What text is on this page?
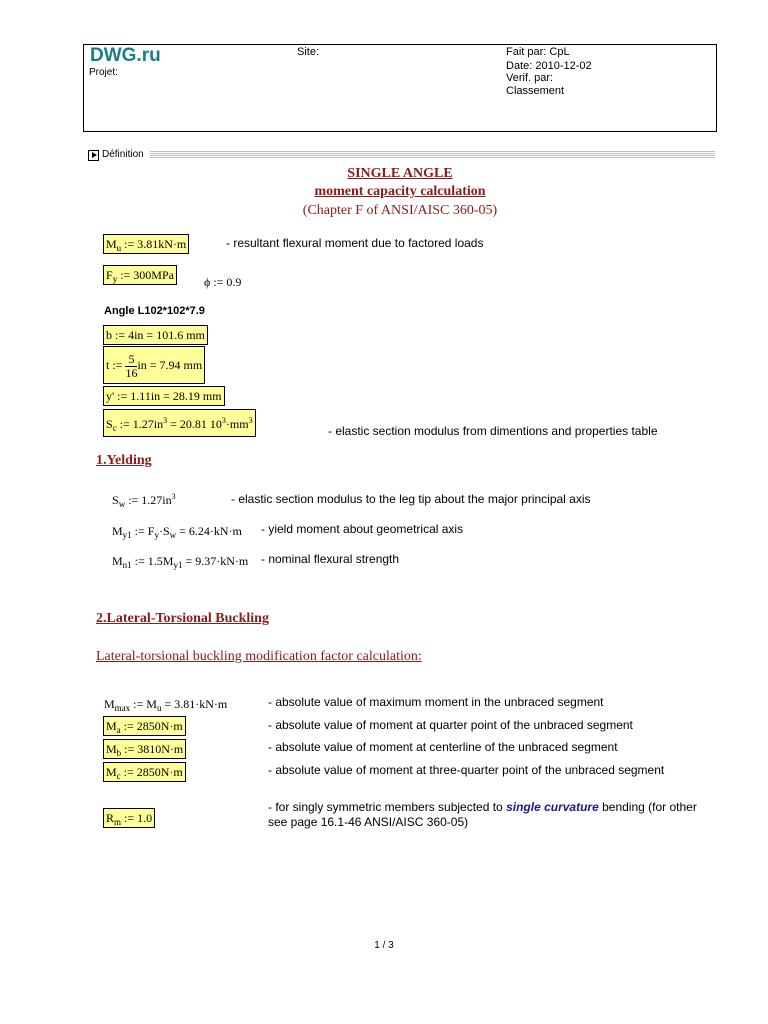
DWG.ru
Projet:
Site:	Fait par: CpL
Date: 2010-12-02
Verif. par:
Classement
Définition
SINGLE ANGLE
moment capacity calculation
(Chapter F of ANSI/AISC 360-05)
$M_u$ := 3.81kN·m	- resultant flexural moment due to factored loads
$F_y$ := 300MPa	ϕ := 0.9
Angle L102*102*7.9
b := 4in = 101.6 mm
t := $\frac{5}{16}$ in = 7.94 mm
y' := 1.11in = 28.19 mm
$S_c$ := $1.27in^3 = 20.81$ $10^3\cdot mm^3$
- elastic section modulus from dimentions and properties table
1.Yelding
$S_w$ := $1.27in^3$	- elastic section modulus to the leg tip about the major principal axis
$M_{y1}$ := $F_y\cdot S_w = 6.24\cdot kN\cdot m$ - yield moment about geometrical axis
$M_{n1}$ := $1.5M_{y1} = 9.37\cdot kN\cdot m$ - nominal flexural strength
2.Lateral-Torsional Buckling
Lateral-torsional buckling modification factor calculation:
$M_{max}$ := $M_u = 3.81\cdot kN\cdot m$	- absolute value of maximum moment in the unbraced segment
$M_a$ := 2850N·m	- absolute value of moment at quarter point of the unbraced segment
$M_b$ := 3810N·m	- absolute value of moment at centerline of the unbraced segment
$M_c$ := 2850N·m	- absolute value of moment at three-quarter point of the unbraced segment
$R_m$ := 1.0
- for singly symmetric members subjected to single curvature bending (for other
see page 16.1-46 ANSI/AISC 360-05)
1 / 3
